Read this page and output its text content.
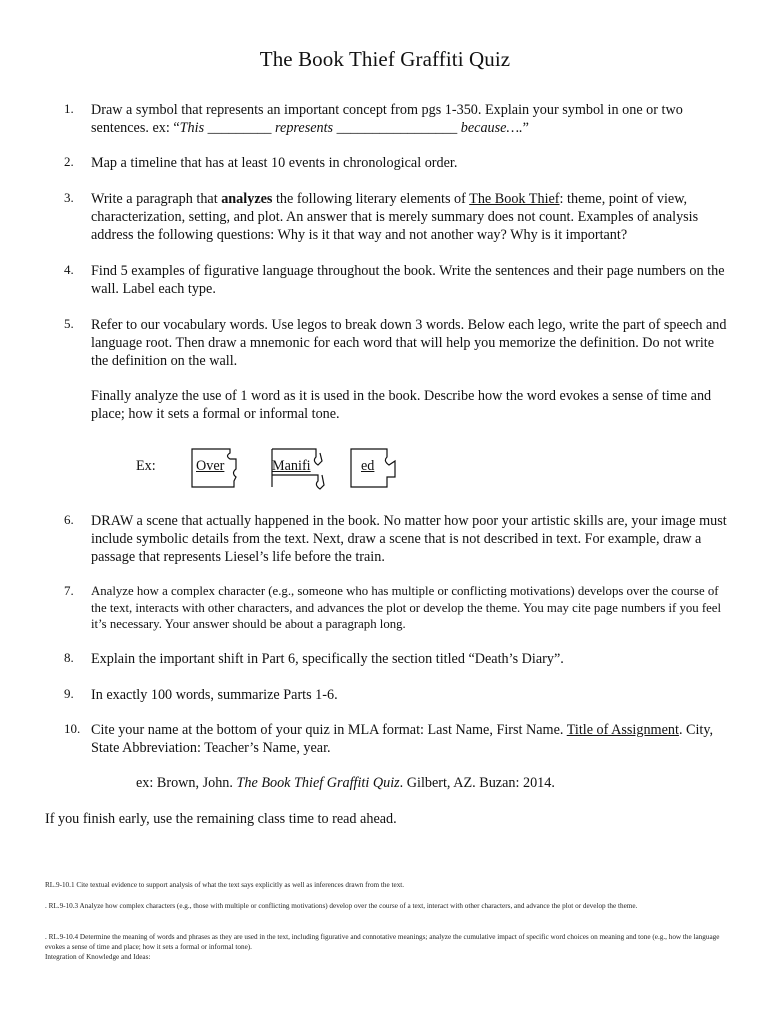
The Book Thief Graffiti Quiz
1.	Draw a symbol that represents an important concept from pgs 1-350. Explain your symbol in one or two
sentences. ex: “This _________ represents _________________ because….”
2.	Map a timeline that has at least 10 events in chronological order.
3.	Write a paragraph that analyzes the following literary elements of The Book Thief: theme, point of view, characterization, setting, and plot. An answer that is merely summary does not count. Examples of analysis address the following questions: Why is it that way and not another way? Why is it important?
4.	Find 5 examples of figurative language throughout the book. Write the sentences and their page numbers on the wall. Label each type.
5.	Refer to our vocabulary words. Use legos to break down 3 words. Below each lego, write the part of speech and language root. Then draw a mnemonic for each word that will help you memorize the definition. Do not write the definition on the wall.
Finally analyze the use of 1 word as it is used in the book. Describe how the word evokes a sense of time and place; how it sets a formal or informal tone.
Ex:	Over	Manifi	ed
6.	DRAW a scene that actually happened in the book. No matter how poor your artistic skills are, your image must include symbolic details from the text. Next, draw a scene that is not described in text. For example, draw a passage that represents Liesel’s life before the train.
7.	Analyze how a complex character (e.g., someone who has multiple or conflicting motivations) develops over the course of the text, interacts with other characters, and advances the plot or develop the theme. You may cite page numbers if you feel it’s necessary. Your answer should be about a paragraph long.
8.	Explain the important shift in Part 6, specifically the section titled “Death’s Diary”.
9.	In exactly 100 words, summarize Parts 1-6.
10. Cite your name at the bottom of your quiz in MLA format: Last Name, First Name. Title of Assignment. City, State Abbreviation: Teacher’s Name, year.
ex: Brown, John. The Book Thief Graffiti Quiz. Gilbert, AZ. Buzan: 2014.
If you finish early, use the remaining class time to read ahead.
RL.9-10.1 Cite textual evidence to support analysis of what the text says explicitly as well as inferences drawn from the text.
. RL.9-10.3 Analyze how complex characters (e.g., those with multiple or conflicting motivations) develop over the course of a text, interact with other characters, and advance the plot or develop the theme.
. RL.9-10.4 Determine the meaning of words and phrases as they are used in the text, including figurative and connotative meanings; analyze the cumulative impact of specific word choices on meaning and tone (e.g., how the language evokes a sense of time and place; how it sets a formal or informal tone).
Integration of Knowledge and Ideas:
